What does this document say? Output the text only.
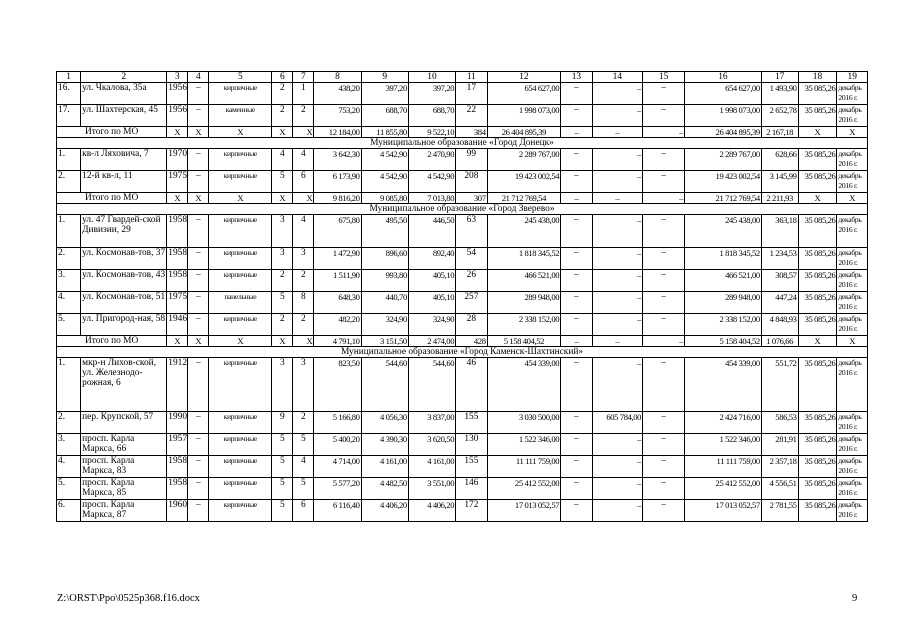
1	2	3	4	5	6	7	8	9	10	11	12	13	14	15	16	17	18	19
16.	ул. Чкалова, 35а	1956	–	кирпичные	2	1	438,20	397,20	397,20	17	654 627,00	–	–	–	654 627,00	1 493,90	35 085,26	декабрь 2016 г.
17.	ул. Шахтерская, 45	1956	–	каменные	2	2	753,20	688,70	688,70	22	1 998 073,00	–	–	–	1 998 073,00	2 652,78	35 085,26	декабрь 2016 г.
Итого по МО		X	X	X	X	X	12 184,00	11 855,80	9 522,10	384	26 404 895,39	–	–	–	26 404 895,39	2 167,18	X	X
Муниципальное образование «Город Донецк»																		
1.	кв-л Ляховича, 7	1970	–	кирпичные	4	4	3 642,30	4 542,90	2 470,90	99	2 289 767,00	–	–	–	2 289 767,00	628,66	35 085,26	декабрь 2016 г.
2.	12-й кв-л, 11	1975	–	кирпичные	5	6	6 173,90	4 542,90	4 542,90	208	19 423 002,54	–	–	–	19 423 002,54	3 145,99	35 085,26	декабрь 2016 г.
Итого по МО		X	X	X	X	X	9 816,20	9 085,80	7 013,80	307	21 712 769,54	–	–	–	21 712 769,54	2 211,93	X	X
Муниципальное образование «Город Зверево»																		
1.	ул. 47 Гвардей-ской Дивизии, 29	1958	–	кирпичные	3	4	675,80	495,50	446,50	63	245 438,00	–	–	–	245 438,00	363,18	35 085,26	декабрь 2016 г.
2.	ул. Космонав-тов, 37	1958	–	кирпичные	3	3	1 472,90	896,60	892,40	54	1 818 345,52	–	–	–	1 818 345,52	1 234,53	35 085,26	декабрь 2016 г.
3.	ул. Космонав-тов, 43	1958	–	кирпичные	2	2	1 511,90	993,80	405,10	26	466 521,00	–	–	–	466 521,00	308,57	35 085,26	декабрь 2016 г.
4.	ул. Космонав-тов, 51	1975	–	панельные	5	8	648,30	440,70	405,10	257	289 948,00	–	–	–	289 948,00	447,24	35 085,26	декабрь 2016 г.
5.	ул. Пригород-ная, 58	1946	–	кирпичные	2	2	482,20	324,90	324,90	28	2 338 152,00	–	–	–	2 338 152,00	4 848,93	35 085,26	декабрь 2016 г.
Итого по МО		X	X	X	X	X	4 791,10	3 151,50	2 474,00	428	5 158 404,52	–	–	–	5 158 404,52	1 076,66	X	X
Муниципальное образование «Город Каменск-Шахтинский»																		
1.	мкр-н Лихов-ской, ул. Железнодо-рожная, 6	1912	–	кирпичные	3	3	823,50	544,60	544,60	46	454 339,00	–	–	–	454 339,00	551,72	35 085,26	декабрь 2016 г.
2.	пер. Крупской, 57	1990	–	кирпичные	9	2	5 166,80	4 056,30	3 837,00	155	3 030 500,00	–	605 784,00	–	2 424 716,00	586,53	35 085,26	декабрь 2016 г.
3.	просп. Карла Маркса, 66	1957	–	кирпичные	5	5	5 400,20	4 390,30	3 620,50	130	1 522 346,00	–	–	–	1 522 346,00	281,91	35 085,26	декабрь 2016 г.
4.	просп. Карла Маркса, 83	1958	–	кирпичные	5	4	4 714,00	4 161,00	4 161,00	155	11 111 759,00	–	–	–	11 111 759,00	2 357,18	35 085,26	декабрь 2016 г.
5.	просп. Карла Маркса, 85	1958	–	кирпичные	5	5	5 577,20	4 482,50	3 551,00	146	25 412 552,00	–	–	–	25 412 552,00	4 556,51	35 085,26	декабрь 2016 г.
6.	просп. Карла Маркса, 87	1960	–	кирпичные	5	6	6 116,40	4 406,20	4 406,20	172	17 013 052,57	–	–	–	17 013 052,57	2 781,55	35 085,26	декабрь 2016 г.
Z:\ORST\Ppo\0525p368.f16.docx	9
